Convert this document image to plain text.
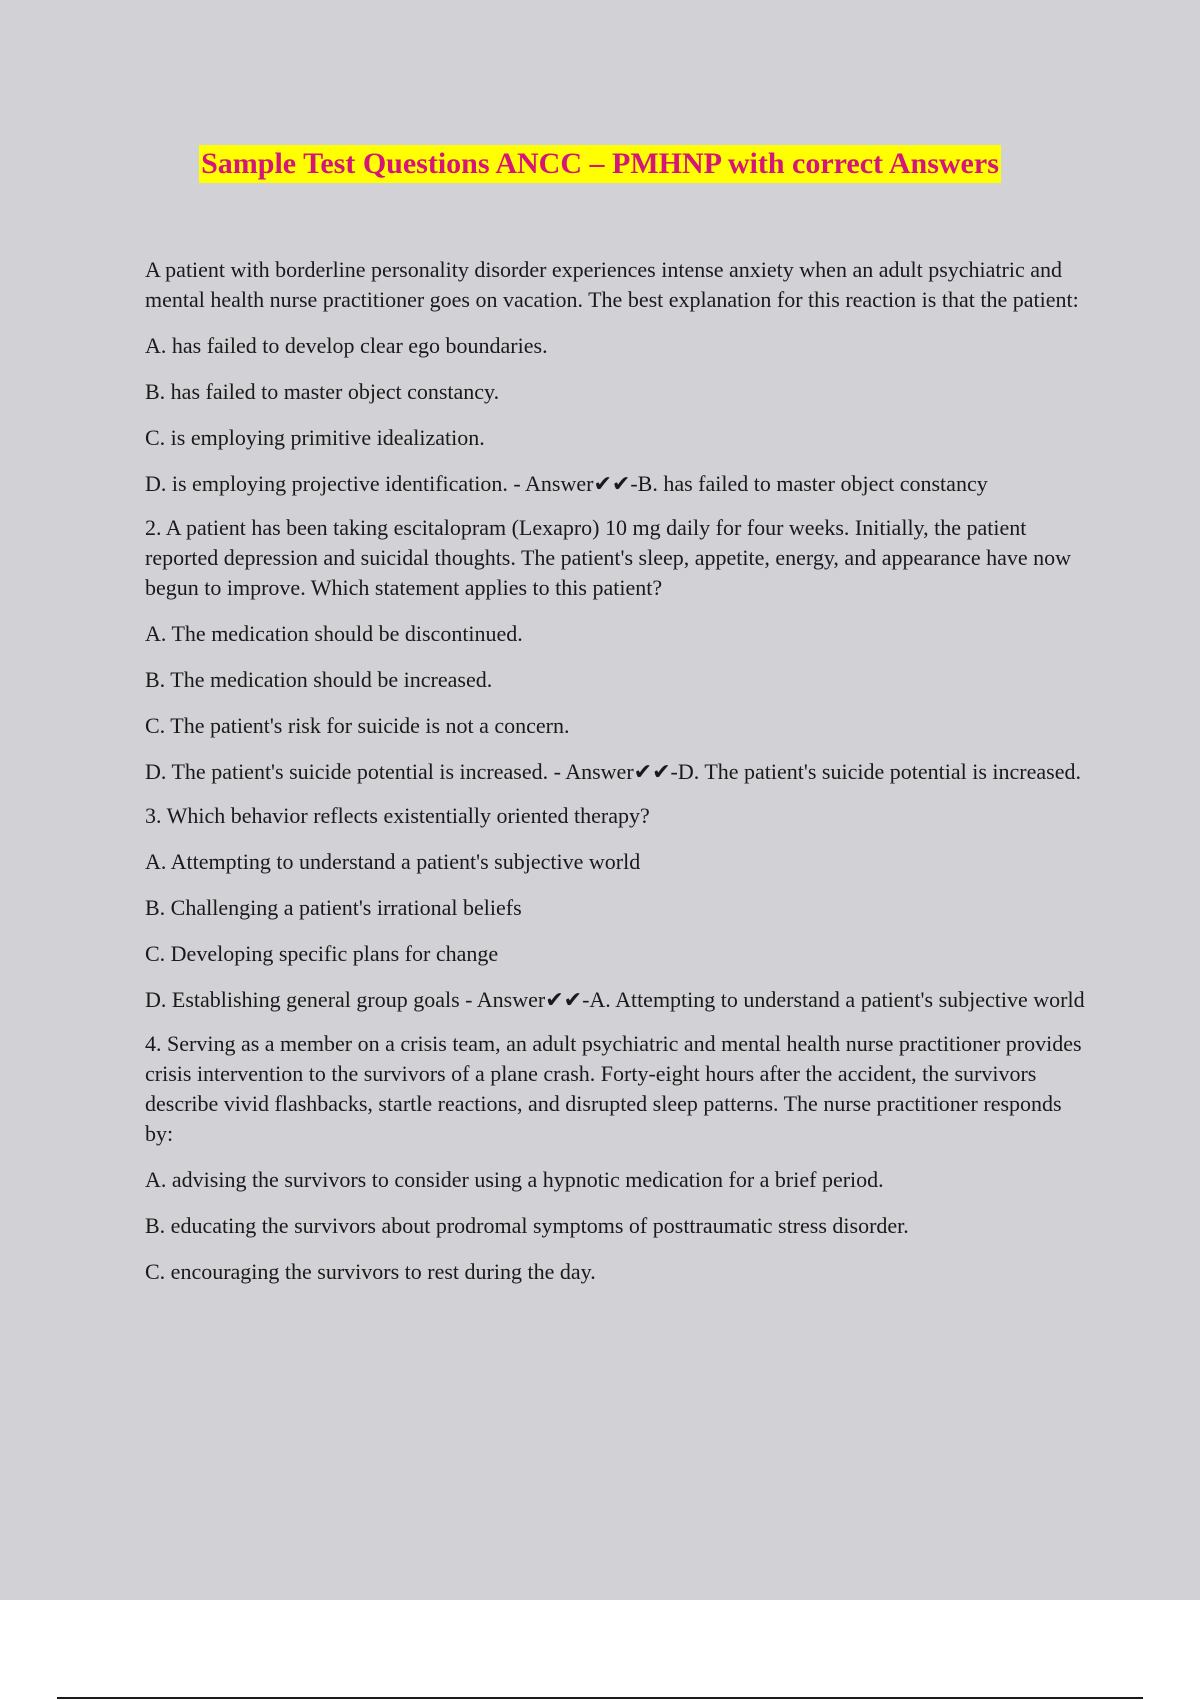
Sample Test Questions ANCC – PMHNP with correct Answers

A patient with borderline personality disorder experiences intense anxiety when an adult psychiatric and mental health nurse practitioner goes on vacation. The best explanation for this reaction is that the patient:

A. has failed to develop clear ego boundaries.

B. has failed to master object constancy.

C. is employing primitive idealization.

D. is employing projective identification. - Answer✔✔-B. has failed to master object constancy

2. A patient has been taking escitalopram (Lexapro) 10 mg daily for four weeks. Initially, the patient reported depression and suicidal thoughts. The patient's sleep, appetite, energy, and appearance have now begun to improve. Which statement applies to this patient?

A. The medication should be discontinued.

B. The medication should be increased.

C. The patient's risk for suicide is not a concern.

D. The patient's suicide potential is increased. - Answer✔✔-D. The patient's suicide potential is increased.

3. Which behavior reflects existentially oriented therapy?

A. Attempting to understand a patient's subjective world

B. Challenging a patient's irrational beliefs

C. Developing specific plans for change

D. Establishing general group goals - Answer✔✔-A. Attempting to understand a patient's subjective world

4. Serving as a member on a crisis team, an adult psychiatric and mental health nurse practitioner provides crisis intervention to the survivors of a plane crash. Forty-eight hours after the accident, the survivors describe vivid flashbacks, startle reactions, and disrupted sleep patterns. The nurse practitioner responds by:

A. advising the survivors to consider using a hypnotic medication for a brief period.

B. educating the survivors about prodromal symptoms of posttraumatic stress disorder.

C. encouraging the survivors to rest during the day.
